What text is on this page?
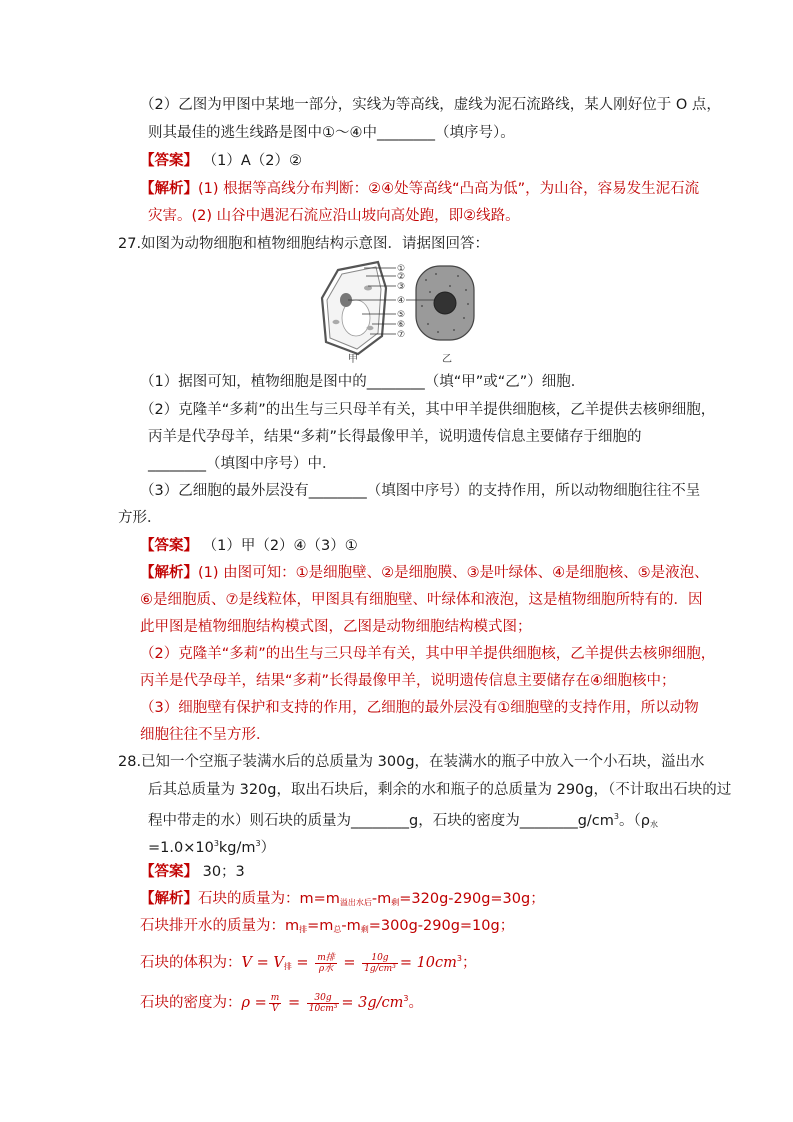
（2）乙图为甲图中某地一部分，实线为等高线，虚线为泥石流路线，某人刚好位于 O 点，
则其最佳的逃生线路是图中①～④中________（填序号）。
【答案】 （1）A（2）②
【解析】(1) 根据等高线分布判断：②④处等高线“凸高为低”，为山谷，容易发生泥石流
灾害。(2) 山谷中遇泥石流应沿山坡向高处跑，即②线路。
27.如图为动物细胞和植物细胞结构示意图．请据图回答：
①
②
③
④
⑤
⑥
⑦
甲	乙
（1）据图可知，植物细胞是图中的________（填“甲”或“乙”）细胞．
（2）克隆羊“多莉”的出生与三只母羊有关，其中甲羊提供细胞核，乙羊提供去核卵细胞，
丙羊是代孕母羊，结果“多莉”长得最像甲羊，说明遗传信息主要储存于细胞的
________（填图中序号）中．
（3）乙细胞的最外层没有________（填图中序号）的支持作用，所以动物细胞往往不呈
方形．
【答案】 （1）甲（2）④（3）①
【解析】(1) 由图可知：①是细胞壁、②是细胞膜、③是叶绿体、④是细胞核、⑤是液泡、
⑥是细胞质、⑦是线粒体，甲图具有细胞壁、叶绿体和液泡，这是植物细胞所特有的．因
此甲图是植物细胞结构模式图，乙图是动物细胞结构模式图；
（2）克隆羊“多莉”的出生与三只母羊有关，其中甲羊提供细胞核，乙羊提供去核卵细胞，
丙羊是代孕母羊，结果“多莉”长得最像甲羊，说明遗传信息主要储存在④细胞核中；
（3）细胞壁有保护和支持的作用，乙细胞的最外层没有①细胞壁的支持作用，所以动物
细胞往往不呈方形．
28.已知一个空瓶子装满水后的总质量为 300g，在装满水的瓶子中放入一个小石块，溢出水
后其总质量为 320g，取出石块后，剩余的水和瓶子的总质量为 290g，（不计取出石块的过
程中带走的水）则石块的质量为________g，石块的密度为$\_\_\_\_\_\_\_\_g/cm^3$。（$\rho_水$
$=1.0\times 10^3kg/m^3$）
【答案】 30；3
【解析】石块的质量为：$m=m_{溢出水后}-m_剩=320g-290g=30g$；
石块排开水的质量为：$m_排=m_总-m_剩=300g-290g=10g$；
石块的体积为：$V = V_排 = \frac{\text{m排}}{\text{ρ水}} = \frac{10g}{\text{1g/cm³}} = 10cm^3$；
石块的密度为：$\rho = \frac{m}{V} = \frac{30g}{\text{10cm³}} = 3g/cm^3$。
